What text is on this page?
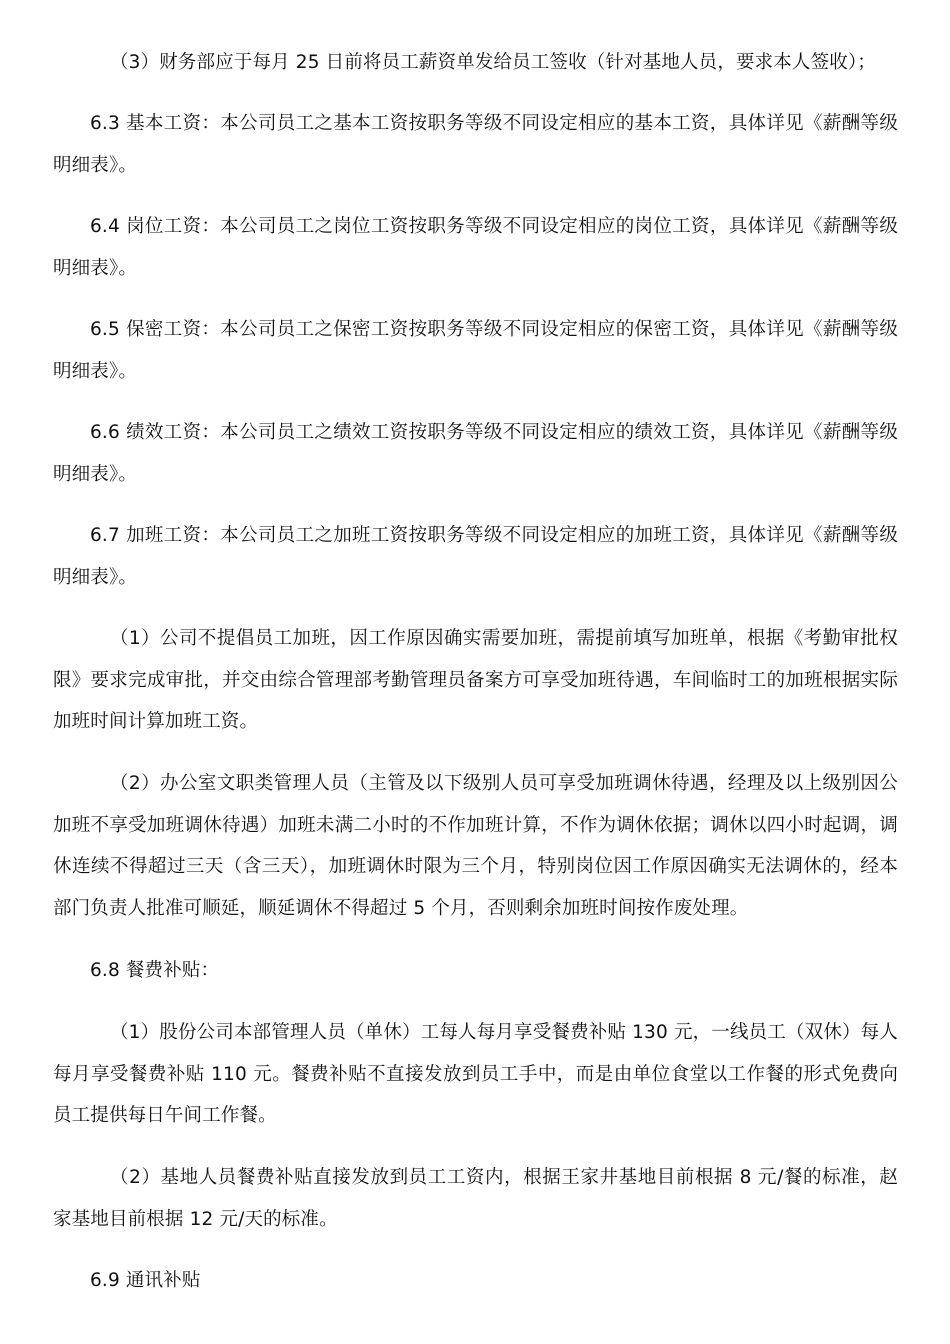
（3）财务部应于每月 25 日前将员工薪资单发给员工签收（针对基地人员，要求本人签收）；

6.3 基本工资：本公司员工之基本工资按职务等级不同设定相应的基本工资，具体详见《薪酬等级明细表》。

6.4 岗位工资：本公司员工之岗位工资按职务等级不同设定相应的岗位工资，具体详见《薪酬等级明细表》。

6.5 保密工资：本公司员工之保密工资按职务等级不同设定相应的保密工资，具体详见《薪酬等级明细表》。

6.6 绩效工资：本公司员工之绩效工资按职务等级不同设定相应的绩效工资，具体详见《薪酬等级明细表》。

6.7 加班工资：本公司员工之加班工资按职务等级不同设定相应的加班工资，具体详见《薪酬等级明细表》。

（1）公司不提倡员工加班，因工作原因确实需要加班，需提前填写加班单，根据《考勤审批权限》要求完成审批，并交由综合管理部考勤管理员备案方可享受加班待遇，车间临时工的加班根据实际加班时间计算加班工资。

（2）办公室文职类管理人员（主管及以下级别人员可享受加班调休待遇，经理及以上级别因公加班不享受加班调休待遇）加班未满二小时的不作加班计算，不作为调休依据；调休以四小时起调，调休连续不得超过三天（含三天），加班调休时限为三个月，特别岗位因工作原因确实无法调休的，经本部门负责人批准可顺延，顺延调休不得超过 5 个月，否则剩余加班时间按作废处理。

6.8 餐费补贴：

（1）股份公司本部管理人员（单休）工每人每月享受餐费补贴 130 元，一线员工（双休）每人每月享受餐费补贴 110 元。餐费补贴不直接发放到员工手中，而是由单位食堂以工作餐的形式免费向员工提供每日午间工作餐。

（2）基地人员餐费补贴直接发放到员工工资内，根据王家井基地目前根据 8 元/餐的标准，赵家基地目前根据 12 元/天的标准。

6.9 通讯补贴
